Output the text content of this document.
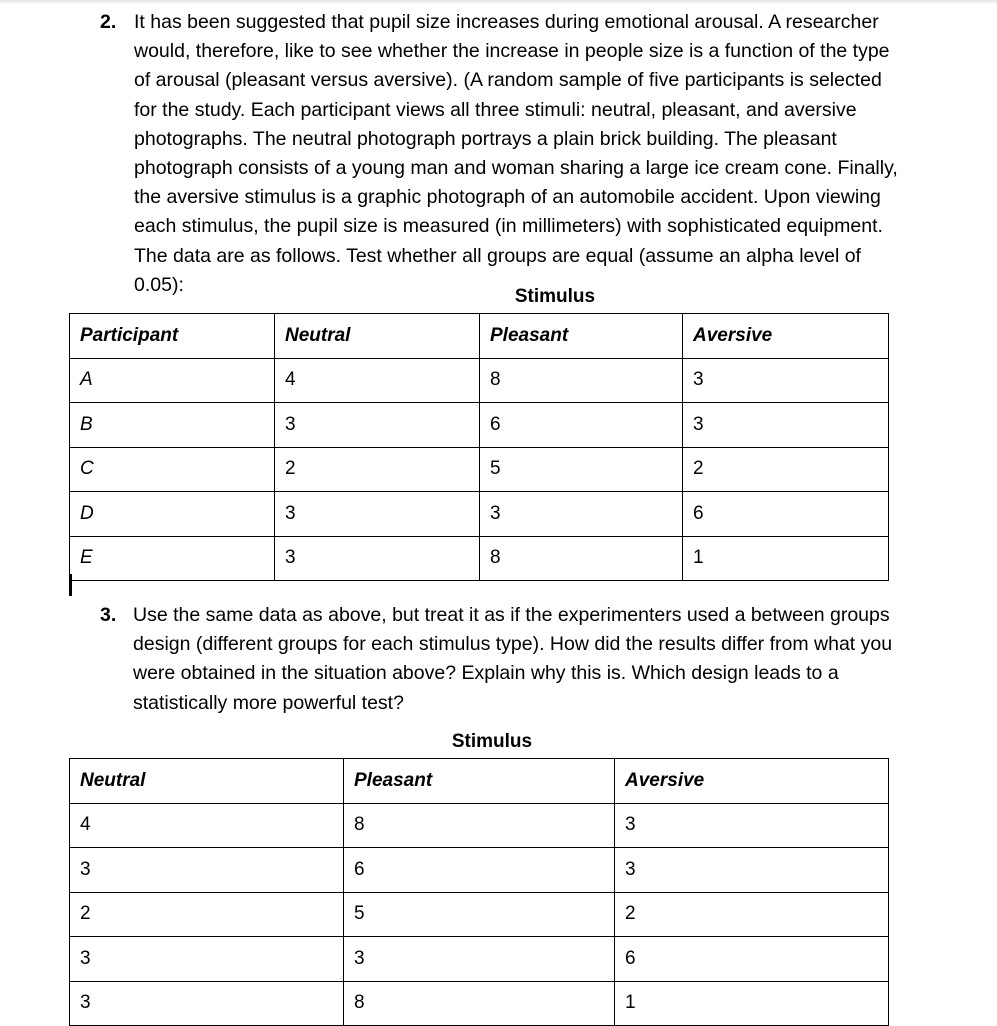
2. It has been suggested that pupil size increases during emotional arousal. A researcher would, therefore, like to see whether the increase in people size is a function of the type of arousal (pleasant versus aversive). (A random sample of five participants is selected for the study. Each participant views all three stimuli: neutral, pleasant, and aversive photographs. The neutral photograph portrays a plain brick building. The pleasant photograph consists of a young man and woman sharing a large ice cream cone. Finally, the aversive stimulus is a graphic photograph of an automobile accident. Upon viewing each stimulus, the pupil size is measured (in millimeters) with sophisticated equipment. The data are as follows. Test whether all groups are equal (assume an alpha level of 0.05):
Stimulus
Participant	Neutral	Pleasant	Aversive
A	4	8	3
B	3	6	3
C	2	5	2
D	3	3	6
E	3	8	1
3. Use the same data as above, but treat it as if the experimenters used a between groups design (different groups for each stimulus type). How did the results differ from what you were obtained in the situation above? Explain why this is. Which design leads to a statistically more powerful test?
Stimulus
Neutral	Pleasant	Aversive
4	8	3
3	6	3
2	5	2
3	3	6
3	8	1
